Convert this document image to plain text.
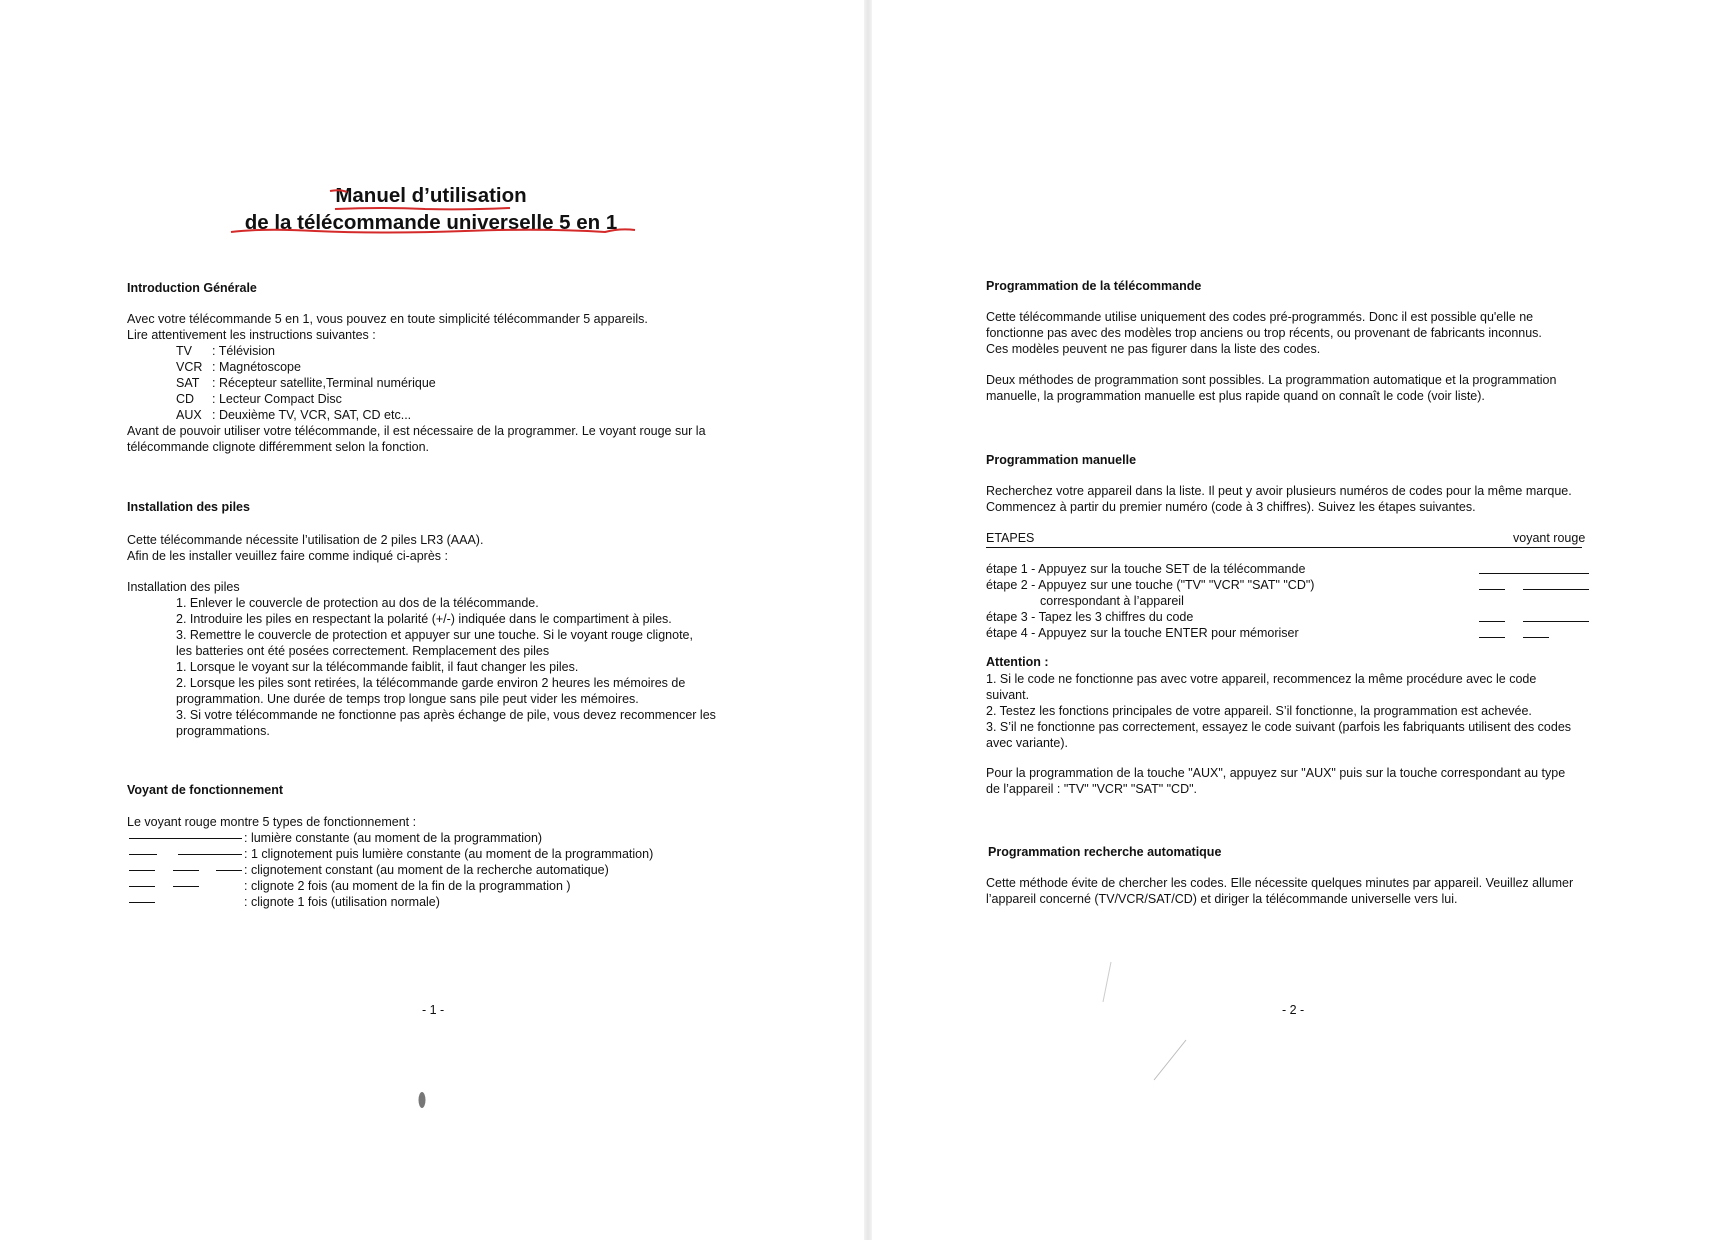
Manuel d’utilisation
de la télécommande universelle 5 en 1
Introduction Générale
Avec votre télécommande 5 en 1, vous pouvez en toute simplicité télécommander 5 appareils.
Lire attentivement les instructions suivantes :
TV : Télévision
VCR : Magnétoscope
SAT : Récepteur satellite,Terminal numérique
CD : Lecteur Compact Disc
AUX : Deuxième TV, VCR, SAT, CD etc...
Avant de pouvoir utiliser votre télécommande, il est nécessaire de la programmer. Le voyant rouge sur la
télécommande clignote différemment selon la fonction.
Installation des piles
Cette télécommande nécessite l’utilisation de 2 piles LR3 (AAA).
Afin de les installer veuillez faire comme indiqué ci-après :
Installation des piles
1. Enlever le couvercle de protection au dos de la télécommande.
2. Introduire les piles en respectant la polarité (+/-) indiquée dans le compartiment à piles.
3. Remettre le couvercle de protection et appuyer sur une touche. Si le voyant rouge clignote,
les batteries ont été posées correctement. Remplacement des piles
1. Lorsque le voyant sur la télécommande faiblit, il faut changer les piles.
2. Lorsque les piles sont retirées, la télécommande garde environ 2 heures les mémoires de
programmation. Une durée de temps trop longue sans pile peut vider les mémoires.
3. Si votre télécommande ne fonctionne pas après échange de pile, vous devez recommencer les
programmations.
Voyant de fonctionnement
Le voyant rouge montre 5 types de fonctionnement :
: lumière constante (au moment de la programmation)
: 1 clignotement puis lumière constante (au moment de la programmation)
: clignotement constant (au moment de la recherche automatique)
: clignote 2 fois (au moment de la fin de la programmation )
: clignote 1 fois (utilisation normale)
- 1 -
Programmation de la télécommande
Cette télécommande utilise uniquement des codes pré-programmés. Donc il est possible qu'elle ne
fonctionne pas avec des modèles trop anciens ou trop récents, ou provenant de fabricants inconnus.
Ces modèles peuvent ne pas figurer dans la liste des codes.
Deux méthodes de programmation sont possibles. La programmation automatique et la programmation
manuelle, la programmation manuelle est plus rapide quand on connaît le code (voir liste).
Programmation manuelle
Recherchez votre appareil dans la liste. Il peut y avoir plusieurs numéros de codes pour la même marque.
Commencez à partir du premier numéro (code à 3 chiffres). Suivez les étapes suivantes.
ETAPES	voyant rouge
étape 1 - Appuyez sur la touche SET de la télécommande
étape 2 - Appuyez sur une touche ("TV" "VCR" "SAT" "CD")
correspondant à l’appareil
étape 3 - Tapez les 3 chiffres du code
étape 4 - Appuyez sur la touche ENTER pour mémoriser
Attention :
1. Si le code ne fonctionne pas avec votre appareil, recommencez la même procédure avec le code
suivant.
2. Testez les fonctions principales de votre appareil. S’il fonctionne, la programmation est achevée.
3. S’il ne fonctionne pas correctement, essayez le code suivant (parfois les fabriquants utilisent des codes
avec variante).
Pour la programmation de la touche "AUX", appuyez sur "AUX" puis sur la touche correspondant au type
de l’appareil : "TV" "VCR" "SAT" "CD".
Programmation recherche automatique
Cette méthode évite de chercher les codes. Elle nécessite quelques minutes par appareil. Veuillez allumer
l’appareil concerné (TV/VCR/SAT/CD) et diriger la télécommande universelle vers lui.
- 2 -
